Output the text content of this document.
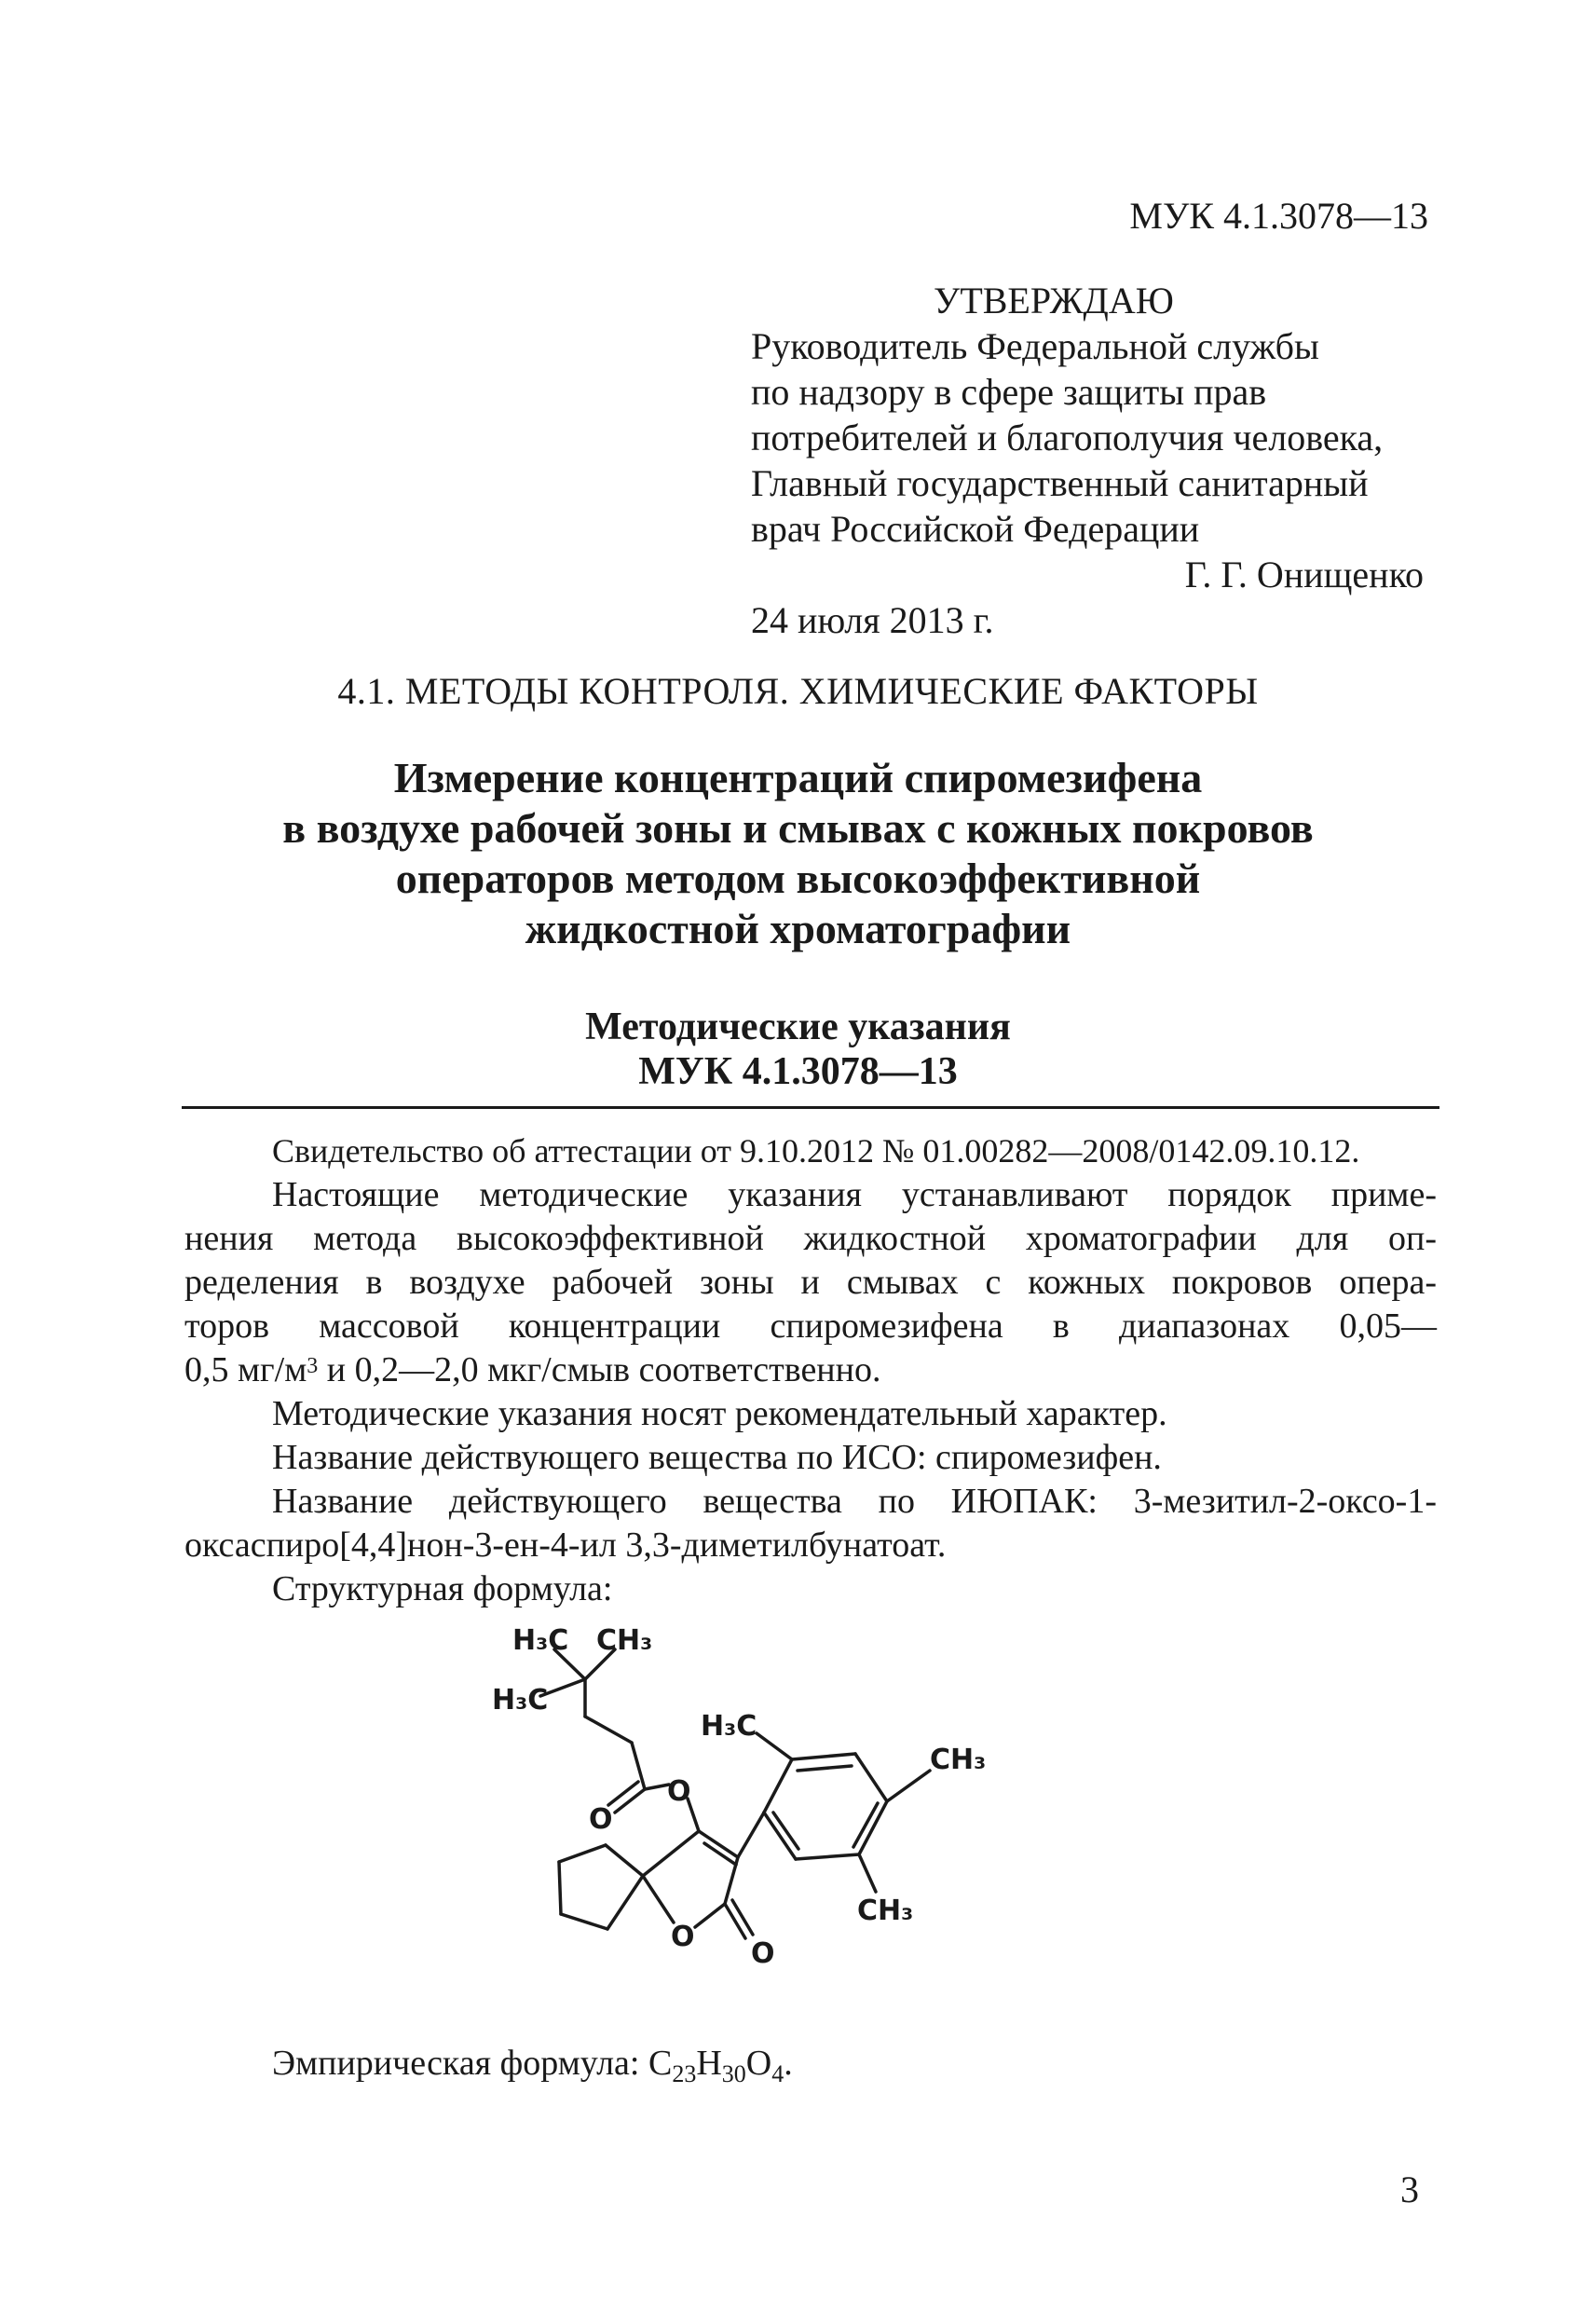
МУК 4.1.3078—13
УТВЕРЖДАЮ
Руководитель Федеральной службы
по надзору в сфере защиты прав
потребителей и благополучия человека,
Главный государственный санитарный
врач Российской Федерации
Г. Г. Онищенко
24 июля 2013 г.
4.1. МЕТОДЫ КОНТРОЛЯ. ХИМИЧЕСКИЕ ФАКТОРЫ
Измерение концентраций спиромезифена
в воздухе рабочей зоны и смывах с кожных покровов
операторов методом высокоэффективной
жидкостной хроматографии
Методические указания
МУК 4.1.3078—13
Свидетельство об аттестации от 9.10.2012 № 01.00282—2008/0142.09.10.12.
Настоящие методические указания устанавливают порядок приме-
нения метода высокоэффективной жидкостной хроматографии для оп-
ределения в воздухе рабочей зоны и смывах с кожных покровов опера-
торов массовой концентрации спиромезифена в диапазонах 0,05—
0,5 $мг/м^3$ и 0,2—2,0 мкг/смыв соответственно.
Методические указания носят рекомендательный характер.
Название действующего вещества по ИСО: спиромезифен.
Название действующего вещества по ИЮПАК: 3-мезитил-2-оксо-1-
оксаспиро[4,4]нон-3-ен-4-ил 3,3-диметилбунатоат.
Структурная формула:
H₃C CH₃
H₃C
O
O
H₃C
CH₃
CH₃
O
O
Эмпирическая формула: $C_{23}H_{30}O_4$.
3
